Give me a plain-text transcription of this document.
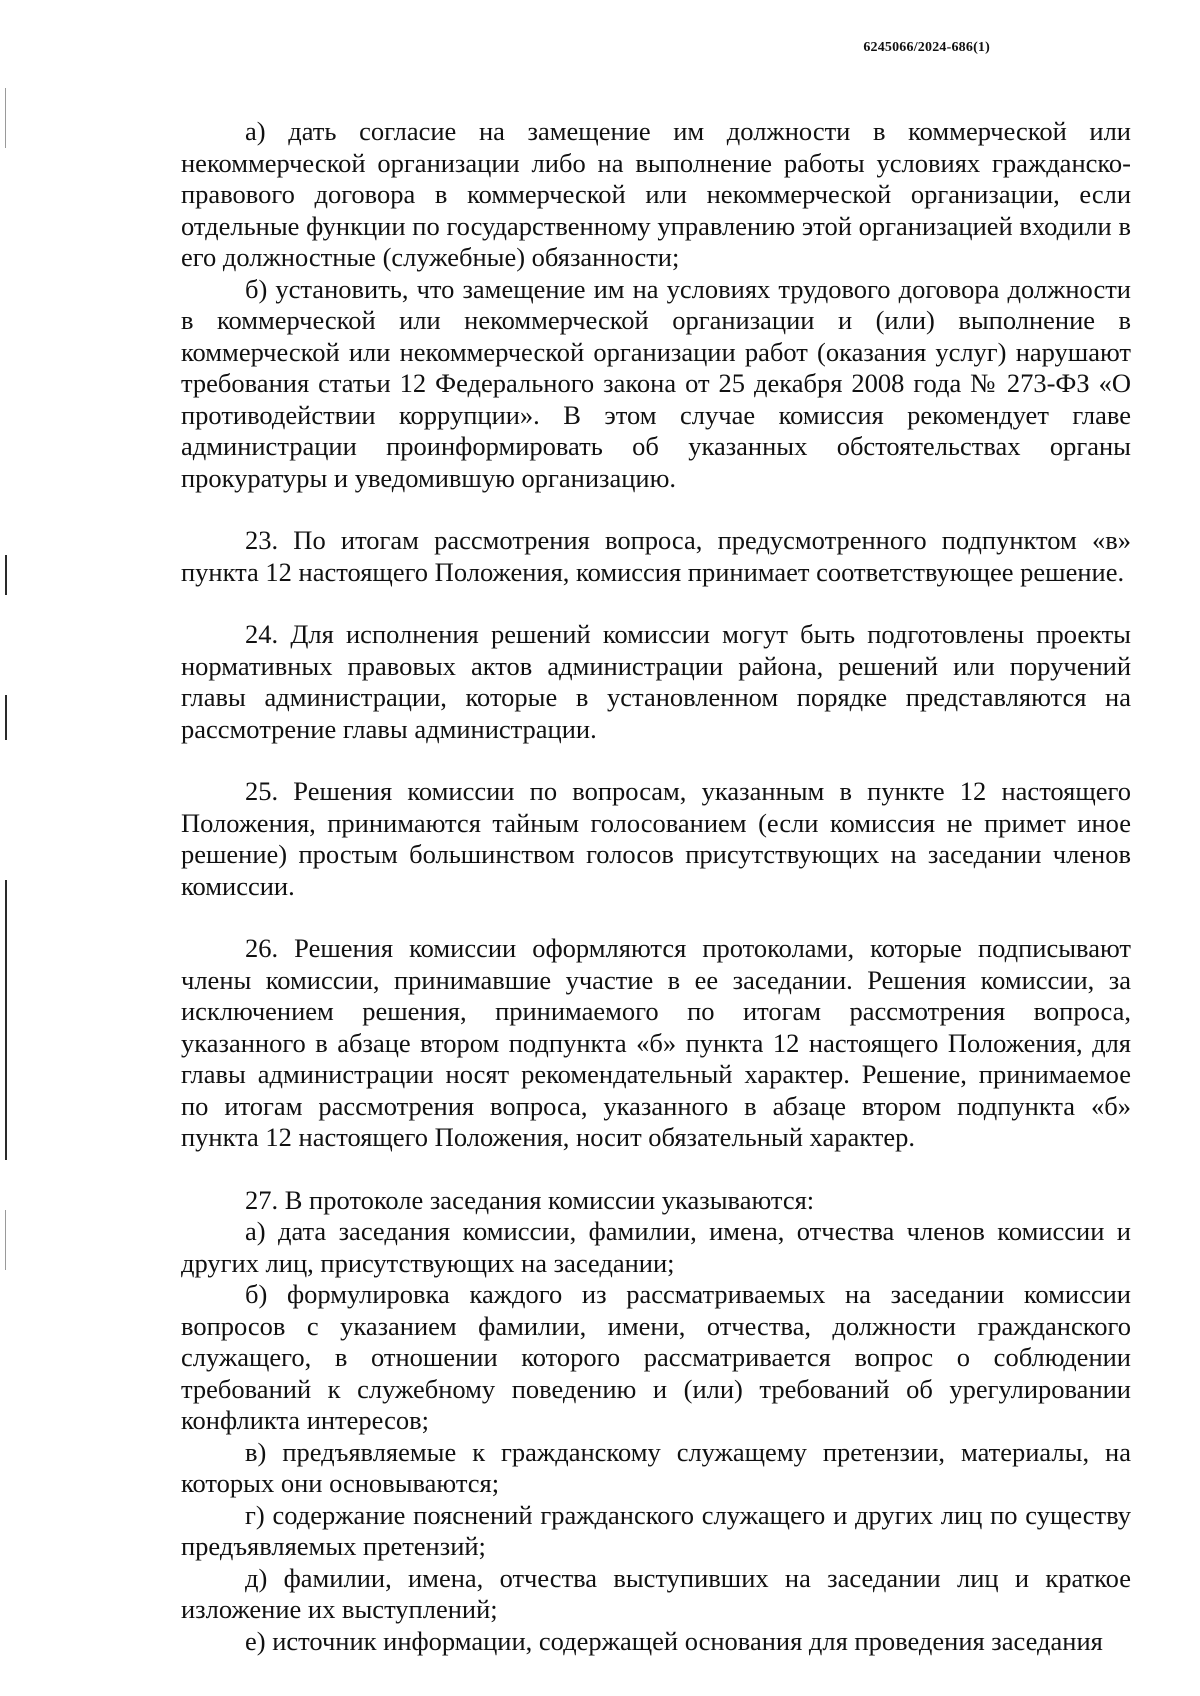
6245066/2024-686(1)

а) дать согласие на замещение им должности в коммерческой или некоммерческой организации либо на выполнение работы условиях гражданско-правового договора в коммерческой или некоммерческой организации, если отдельные функции по государственному управлению этой организацией входили в его должностные (служебные) обязанности;

б) установить, что замещение им на условиях трудового договора должности в коммерческой или некоммерческой организации и (или) выполнение в коммерческой или некоммерческой организации работ (оказания услуг) нарушают требования статьи 12 Федерального закона от 25 декабря 2008 года № 273-ФЗ «О противодействии коррупции». В этом случае комиссия рекомендует главе администрации проинформировать об указанных обстоятельствах органы прокуратуры и уведомившую организацию.

23. По итогам рассмотрения вопроса, предусмотренного подпунктом «в» пункта 12 настоящего Положения, комиссия принимает соответствующее решение.

24. Для исполнения решений комиссии могут быть подготовлены проекты нормативных правовых актов администрации района, решений или поручений главы администрации, которые в установленном порядке представляются на рассмотрение главы администрации.

25. Решения комиссии по вопросам, указанным в пункте 12 настоящего Положения, принимаются тайным голосованием (если комиссия не примет иное решение) простым большинством голосов присутствующих на заседании членов комиссии.

26. Решения комиссии оформляются протоколами, которые подписывают члены комиссии, принимавшие участие в ее заседании. Решения комиссии, за исключением решения, принимаемого по итогам рассмотрения вопроса, указанного в абзаце втором подпункта «б» пункта 12 настоящего Положения, для главы администрации носят рекомендательный характер. Решение, принимаемое по итогам рассмотрения вопроса, указанного в абзаце втором подпункта «б» пункта 12 настоящего Положения, носит обязательный характер.

27. В протоколе заседания комиссии указываются:

а) дата заседания комиссии, фамилии, имена, отчества членов комиссии и других лиц, присутствующих на заседании;

б) формулировка каждого из рассматриваемых на заседании комиссии вопросов с указанием фамилии, имени, отчества, должности гражданского служащего, в отношении которого рассматривается вопрос о соблюдении требований к служебному поведению и (или) требований об урегулировании конфликта интересов;

в) предъявляемые к гражданскому служащему претензии, материалы, на которых они основываются;

г) содержание пояснений гражданского служащего и других лиц по существу предъявляемых претензий;

д) фамилии, имена, отчества выступивших на заседании лиц и краткое изложение их выступлений;

е) источник информации, содержащей основания для проведения заседания
